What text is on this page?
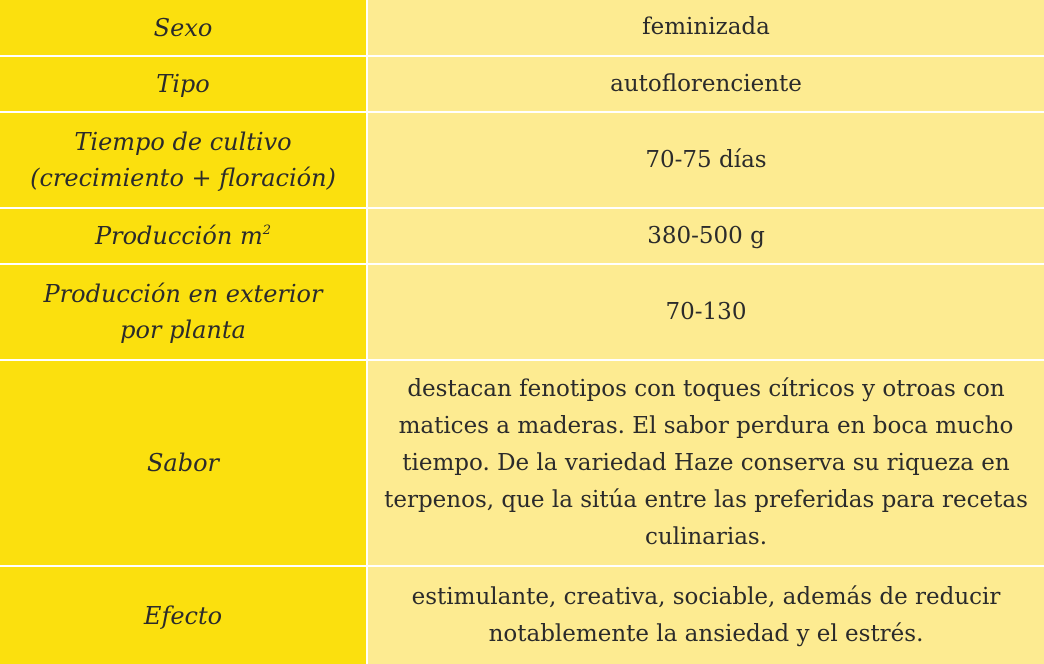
Sexo	feminizada
Tipo	autoflorenciente
Tiempo de cultivo
(crecimiento + floración)	70-75 días
Producción $m^2$	380-500 g
Producción en exterior
por planta	70-130
Sabor	destacan fenotipos con toques cítricos y otroas con matices a maderas. El sabor perdura en boca mucho tiempo. De la variedad Haze conserva su riqueza en terpenos, que la sitúa entre las preferidas para recetas culinarias.
Efecto	estimulante, creativa, sociable, además de reducir notablemente la ansiedad y el estrés.
